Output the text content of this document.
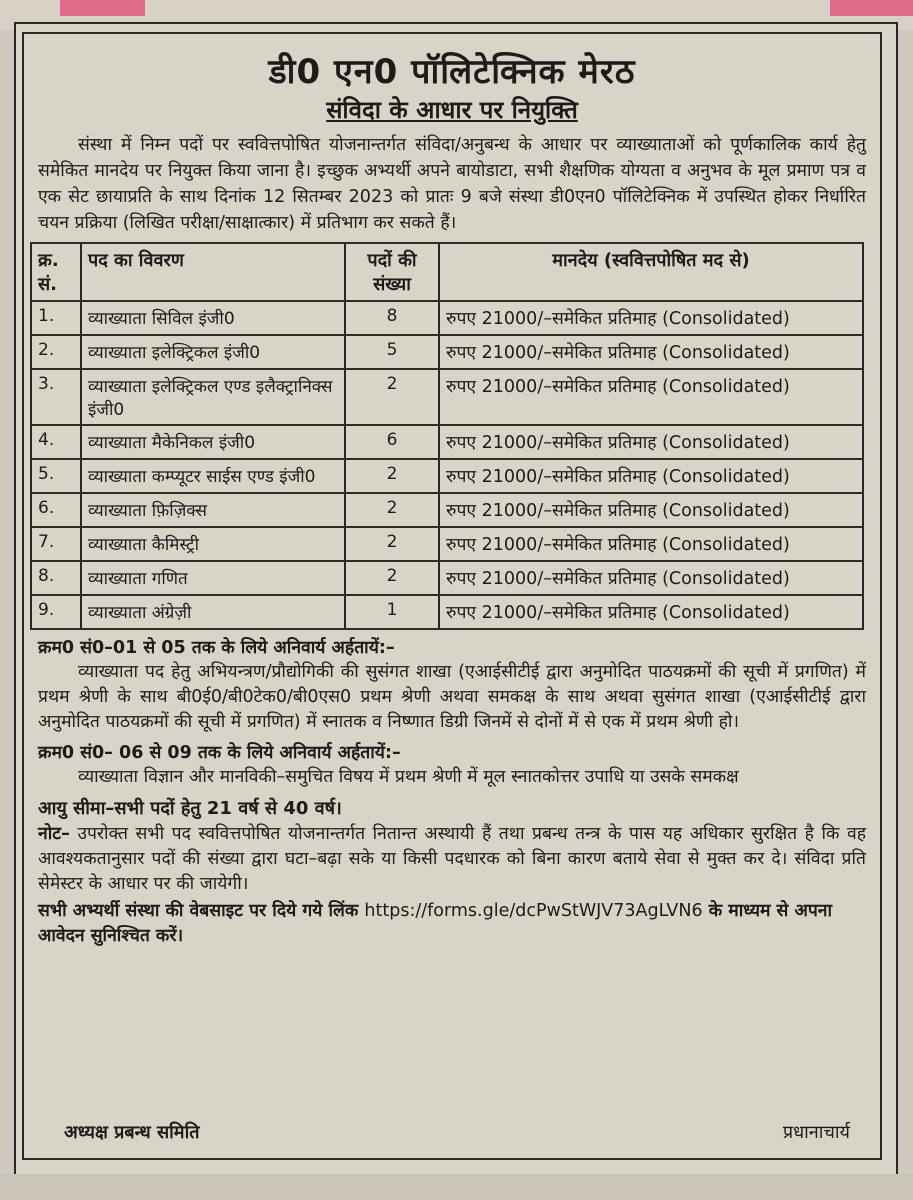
डी0 एन0 पॉलिटेक्निक मेरठ
संविदा के आधार पर नियुक्ति

संस्था में निम्न पदों पर स्ववित्तपोषित योजनान्तर्गत संविदा/अनुबन्ध के आधार पर व्याख्याताओं को पूर्णकालिक कार्य हेतु समेकित मानदेय पर नियुक्त किया जाना है। इच्छुक अभ्यर्थी अपने बायोडाटा, सभी शैक्षणिक योग्यता व अनुभव के मूल प्रमाण पत्र व एक सेट छायाप्रति के साथ दिनांक 12 सितम्बर 2023 को प्रातः 9 बजे संस्था डी0एन0 पॉलिटेक्निक में उपस्थित होकर निर्धारित चयन प्रक्रिया (लिखित परीक्षा/साक्षात्कार) में प्रतिभाग कर सकते हैं।

क्र. सं.	पद का विवरण	पदों की संख्या	मानदेय (स्ववित्तपोषित मद से)
1.	व्याख्याता सिविल इंजी0	8	रुपए 21000/–समेकित प्रतिमाह (Consolidated)
2.	व्याख्याता इलेक्ट्रिकल इंजी0	5	रुपए 21000/–समेकित प्रतिमाह (Consolidated)
3.	व्याख्याता इलेक्ट्रिकल एण्ड इलैक्ट्रानिक्स इंजी0	2	रुपए 21000/–समेकित प्रतिमाह (Consolidated)
4.	व्याख्याता मैकेनिकल इंजी0	6	रुपए 21000/–समेकित प्रतिमाह (Consolidated)
5.	व्याख्याता कम्प्यूटर साईस एण्ड इंजी0	2	रुपए 21000/–समेकित प्रतिमाह (Consolidated)
6.	व्याख्याता फ़िज़िक्स	2	रुपए 21000/–समेकित प्रतिमाह (Consolidated)
7.	व्याख्याता कैमिस्ट्री	2	रुपए 21000/–समेकित प्रतिमाह (Consolidated)
8.	व्याख्याता गणित	2	रुपए 21000/–समेकित प्रतिमाह (Consolidated)
9.	व्याख्याता अंग्रेज़ी	1	रुपए 21000/–समेकित प्रतिमाह (Consolidated)
क्रम0 सं0–01 से 05 तक के लिये अनिवार्य अर्हतायें:–

व्याख्याता पद हेतु अभियन्त्रण/प्रौद्योगिकी की सुसंगत शाखा (एआईसीटीई द्वारा अनुमोदित पाठयक्रमों की सूची में प्रगणित) में प्रथम श्रेणी के साथ बी0ई0/बी0टेक0/बी0एस0 प्रथम श्रेणी अथवा समकक्ष के साथ अथवा सुसंगत शाखा (एआईसीटीई द्वारा अनुमोदित पाठयक्रमों की सूची में प्रगणित) में स्नातक व निष्णात डिग्री जिनमें से दोनों में से एक में प्रथम श्रेणी हो।

क्रम0 सं0– 06 से 09 तक के लिये अनिवार्य अर्हतायें:–

व्याख्याता विज्ञान और मानविकी–समुचित विषय में प्रथम श्रेणी में मूल स्नातकोत्तर उपाधि या उसके समकक्ष

आयु सीमा–सभी पदों हेतु 21 वर्ष से 40 वर्ष।

नोट– उपरोक्त सभी पद स्ववित्तपोषित योजनान्तर्गत नितान्त अस्थायी हैं तथा प्रबन्ध तन्त्र के पास यह अधिकार सुरक्षित है कि वह आवश्यकतानुसार पदों की संख्या द्वारा घटा–बढ़ा सके या किसी पदधारक को बिना कारण बताये सेवा से मुक्त कर दे। संविदा प्रति सेमेस्टर के आधार पर की जायेगी।

सभी अभ्यर्थी संस्था की वेबसाइट पर दिये गये लिंक https://forms.gle/dcPwStWJV73AgLVN6 के माध्यम से अपना आवेदन सुनिश्चित करें।

अध्यक्ष प्रबन्ध समिति	प्रधानाचार्य
